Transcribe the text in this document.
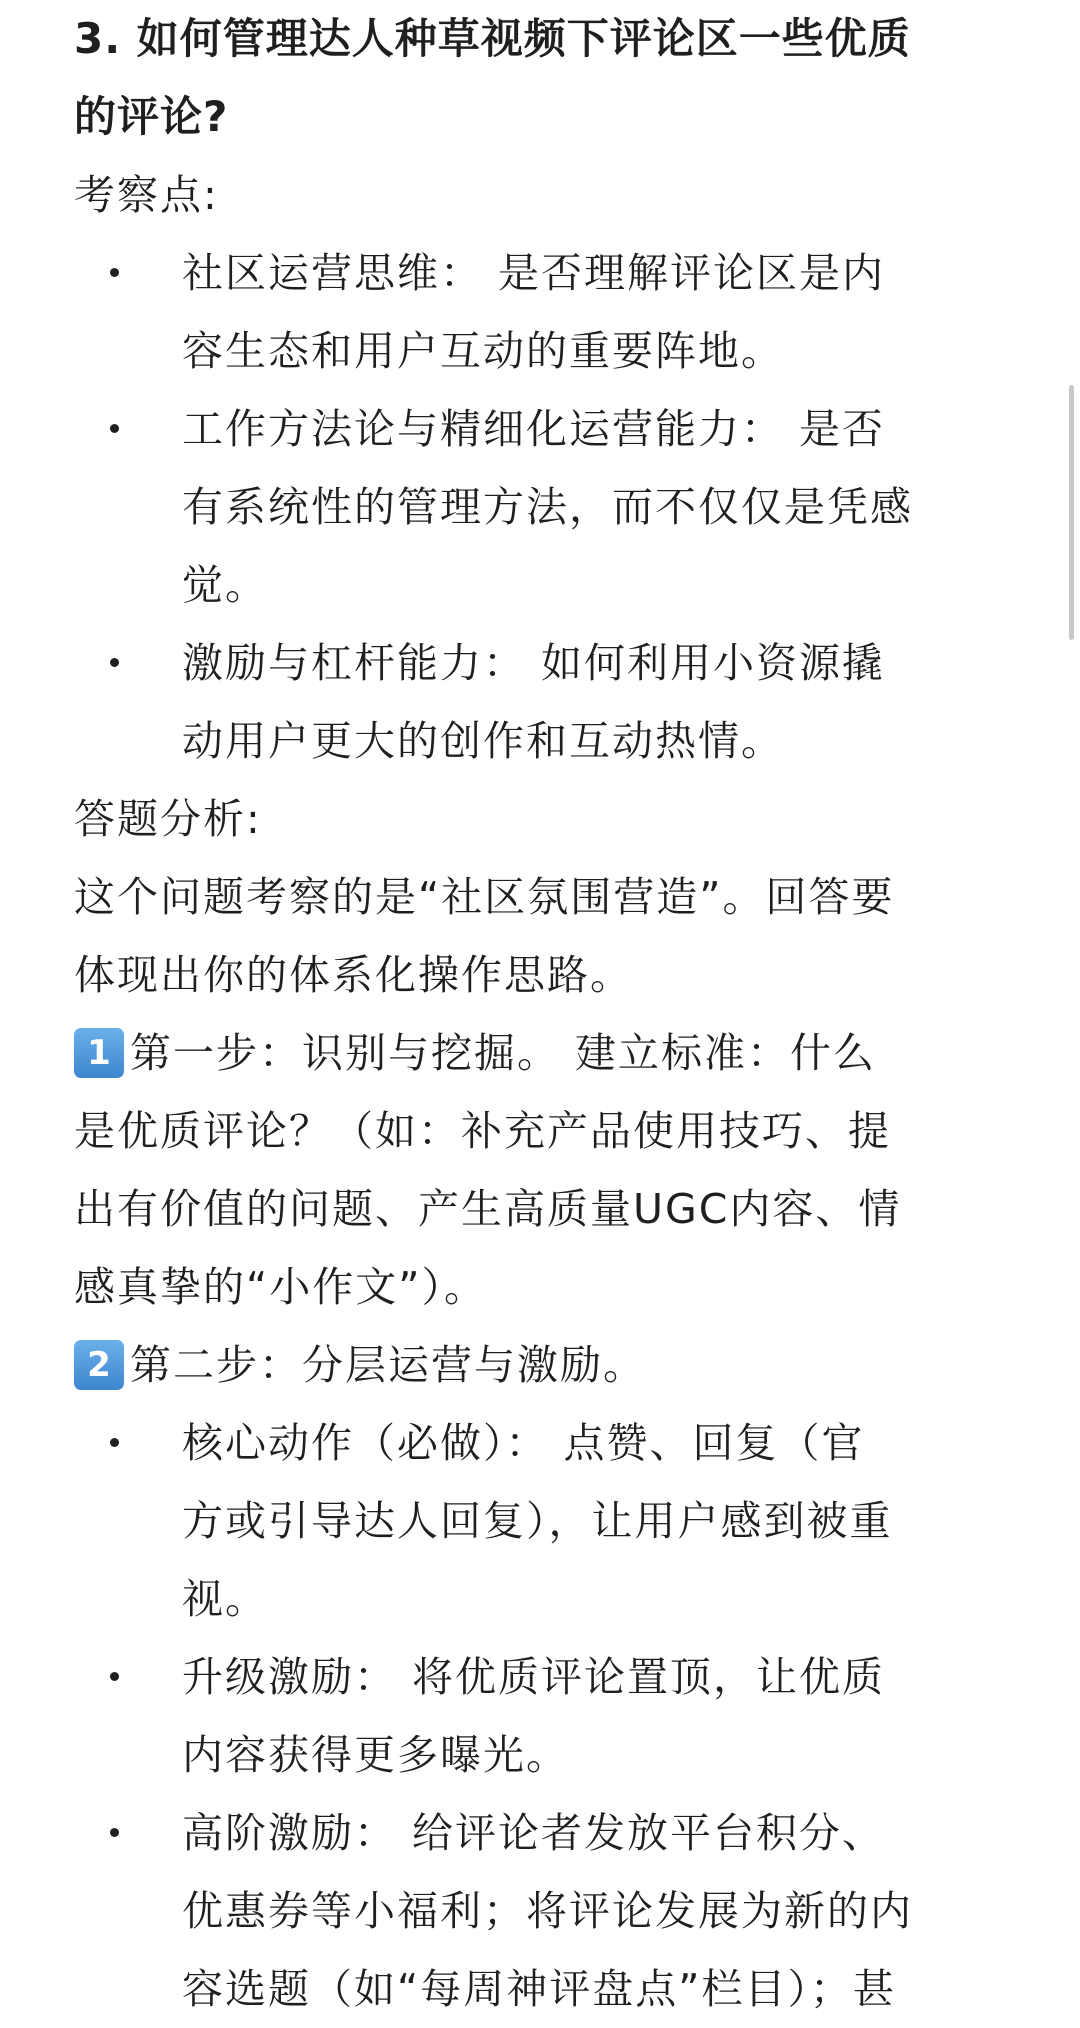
3. 如何管理达人种草视频下评论区一些优质
的评论?
考察点:
社区运营思维： 是否理解评论区是内
容生态和用户互动的重要阵地。
工作方法论与精细化运营能力： 是否
有系统性的管理方法，而不仅仅是凭感
觉。
激励与杠杆能力： 如何利用小资源撬
动用户更大的创作和互动热情。
答题分析:
这个问题考察的是“社区氛围营造”。回答要
体现出你的体系化操作思路。
1 第一步：识别与挖掘。 建立标准：什么
是优质评论？（如：补充产品使用技巧、提
出有价值的问题、产生高质量UGC内容、情
感真挚的“小作文”）。
2 第二步：分层运营与激励。
核心动作（必做）： 点赞、回复（官
方或引导达人回复），让用户感到被重
视。
升级激励： 将优质评论置顶，让优质
内容获得更多曝光。
高阶激励： 给评论者发放平台积分、
优惠券等小福利；将评论发展为新的内
容选题（如“每周神评盘点”栏目）；甚
